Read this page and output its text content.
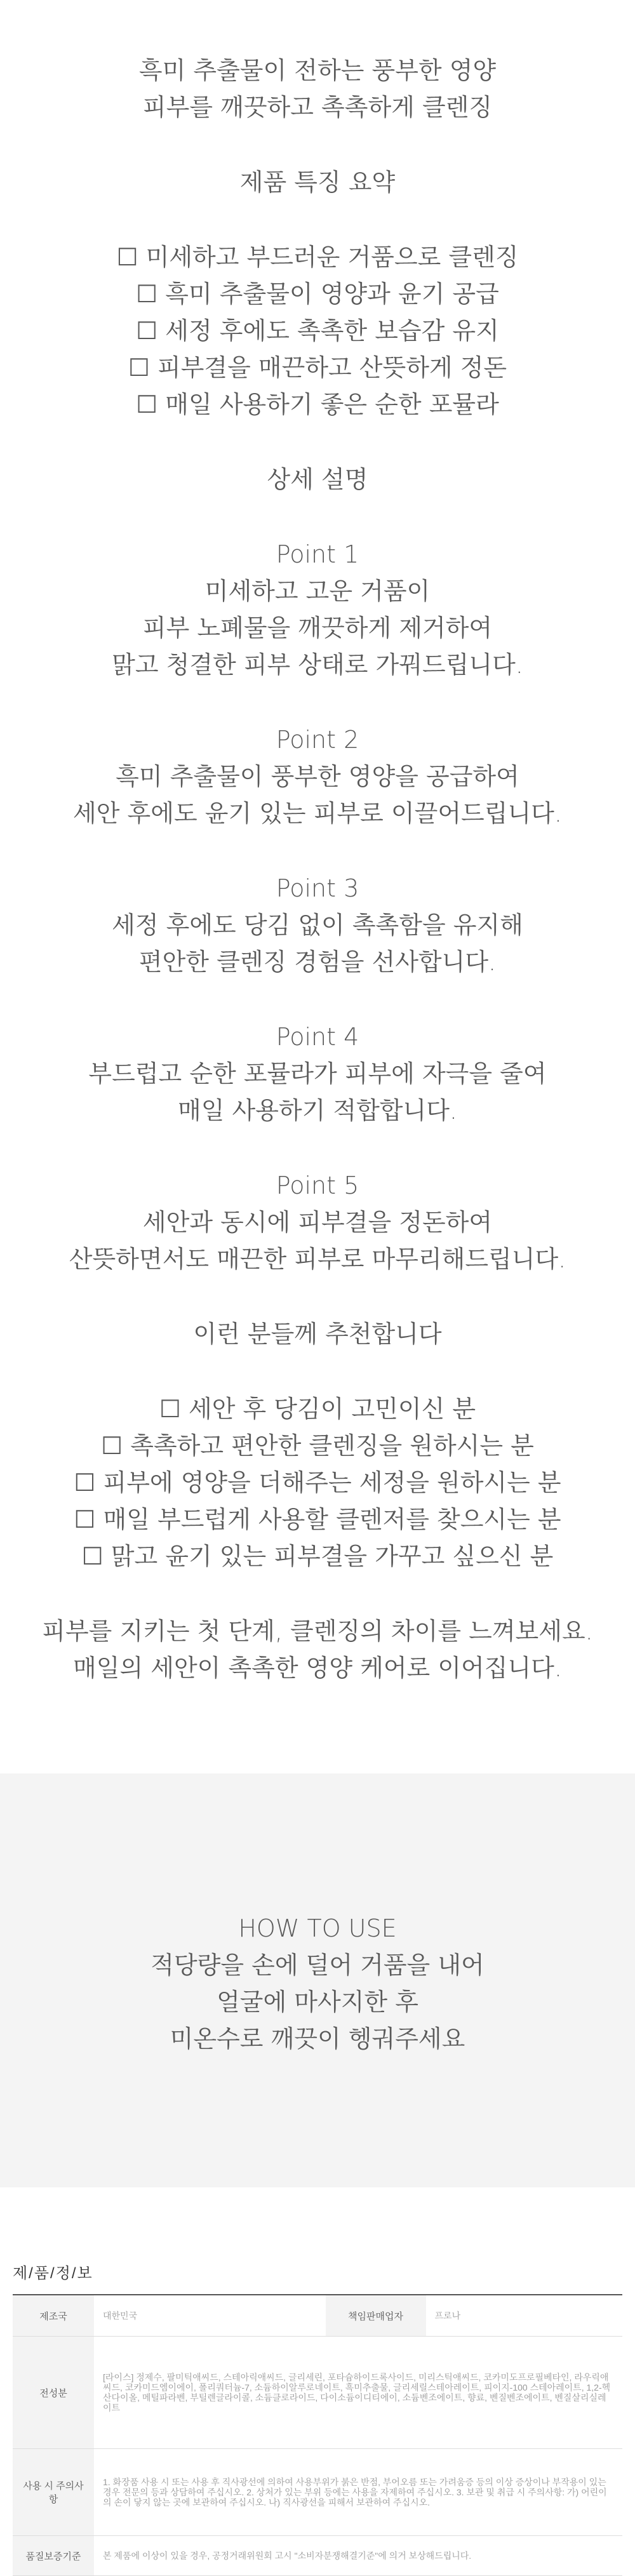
흑미 추출물이 전하는 풍부한 영양
피부를 깨끗하고 촉촉하게 클렌징
제품 특징 요약
☐ 미세하고 부드러운 거품으로 클렌징
☐ 흑미 추출물이 영양과 윤기 공급
☐ 세정 후에도 촉촉한 보습감 유지
☐ 피부결을 매끈하고 산뜻하게 정돈
☐ 매일 사용하기 좋은 순한 포뮬라
상세 설명
Point 1
미세하고 고운 거품이
피부 노폐물을 깨끗하게 제거하여
맑고 청결한 피부 상태로 가꿔드립니다.
Point 2
흑미 추출물이 풍부한 영양을 공급하여
세안 후에도 윤기 있는 피부로 이끌어드립니다.
Point 3
세정 후에도 당김 없이 촉촉함을 유지해
편안한 클렌징 경험을 선사합니다.
Point 4
부드럽고 순한 포뮬라가 피부에 자극을 줄여
매일 사용하기 적합합니다.
Point 5
세안과 동시에 피부결을 정돈하여
산뜻하면서도 매끈한 피부로 마무리해드립니다.
이런 분들께 추천합니다
☐ 세안 후 당김이 고민이신 분
☐ 촉촉하고 편안한 클렌징을 원하시는 분
☐ 피부에 영양을 더해주는 세정을 원하시는 분
☐ 매일 부드럽게 사용할 클렌저를 찾으시는 분
☐ 맑고 윤기 있는 피부결을 가꾸고 싶으신 분
피부를 지키는 첫 단계, 클렌징의 차이를 느껴보세요.
매일의 세안이 촉촉한 영양 케어로 이어집니다.
HOW TO USE
적당량을 손에 덜어 거품을 내어
얼굴에 마사지한 후
미온수로 깨끗이 헹궈주세요
제/품/정/보
제조국	대한민국	책임판매업자	프로나
전성분	[라이스] 정제수, 팔미틱애씨드, 스테아릭애씨드, 글리세린, 포타슘하이드록사이드, 미리스틱애씨드, 코카미도프로필베타인, 라우릭애씨드, 코카미드엠이에이, 폴리쿼터늄-7, 소듐하이알루로네이트, 흑미추출물, 글리세릴스테아레이트, 피이지-100 스테아레이트, 1,2-헥산다이올, 메틸파라벤, 부틸렌글라이콜, 소듐클로라이드, 다이소듐이디티에이, 소듐벤조에이트, 향료, 벤질벤조에이트, 벤질살리실레이트		
사용 시 주의사항	1. 화장품 사용 시 또는 사용 후 직사광선에 의하여 사용부위가 붉은 반점, 부어오름 또는 가려움증 등의 이상 증상이나 부작용이 있는 경우 전문의 등과 상담하여 주십시오. 2. 상처가 있는 부위 등에는 사용을 자제하여 주십시오. 3. 보관 및 취급 시 주의사항: 가) 어린이의 손이 닿지 않는 곳에 보관하여 주십시오. 나) 직사광선을 피해서 보관하여 주십시오.		
품질보증기준	본 제품에 이상이 있을 경우, 공정거래위원회 고시 "소비자분쟁해결기준"에 의거 보상해드립니다.		
